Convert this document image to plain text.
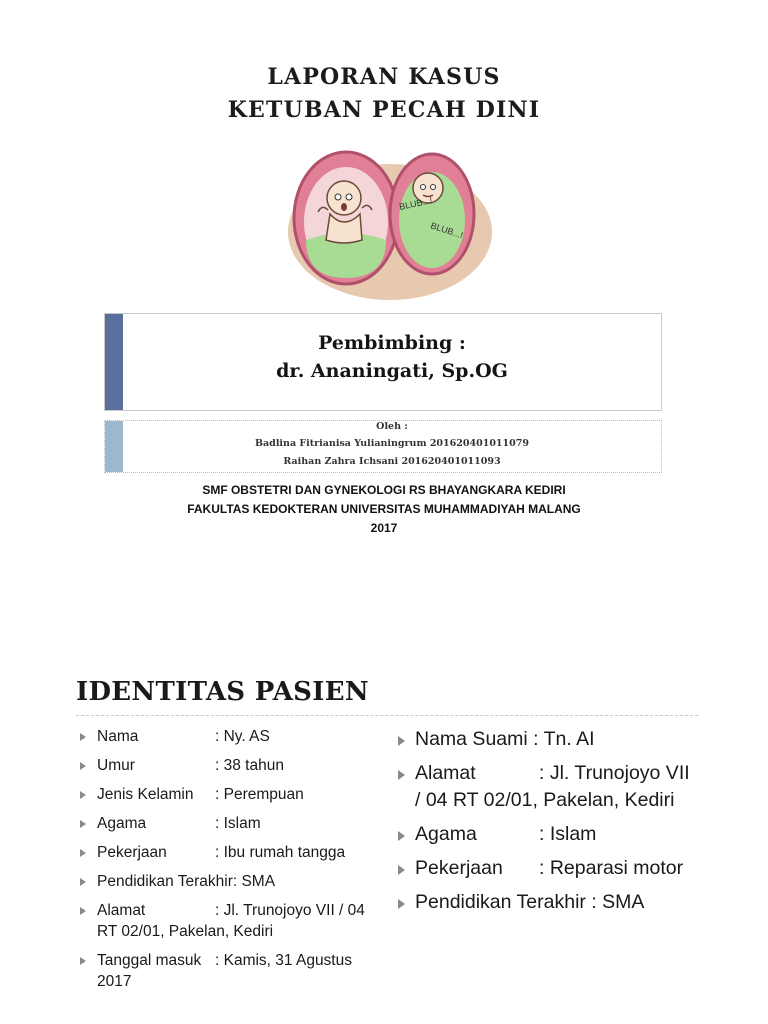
LAPORAN KASUS
KETUBAN PECAH DINI
BLUB...!
BLUB...!
Pembimbing :
dr. Ananingati, Sp.OG
Oleh :
Badlina Fitrianisa Yulianingrum 201620401011079
Raihan Zahra Ichsani 201620401011093
SMF OBSTETRI DAN GYNEKOLOGI RS BHAYANGKARA KEDIRI
FAKULTAS KEDOKTERAN UNIVERSITAS MUHAMMADIYAH MALANG
2017
IDENTITAS PASIEN
Nama	: Ny. AS
Umur	: 38 tahun
Jenis Kelamin : Perempuan
Agama	: Islam
Pekerjaan	: Ibu rumah tangga
Pendidikan Terakhir: SMA
Alamat	: Jl. Trunojoyo VII / 04 RT 02/01, Pakelan, Kediri
Tanggal masuk : Kamis, 31 Agustus 2017
Nama Suami : Tn. AI
Alamat	: Jl. Trunojoyo VII / 04 RT 02/01, Pakelan, Kediri
Agama	: Islam
Pekerjaan : Reparasi motor
Pendidikan Terakhir : SMA
